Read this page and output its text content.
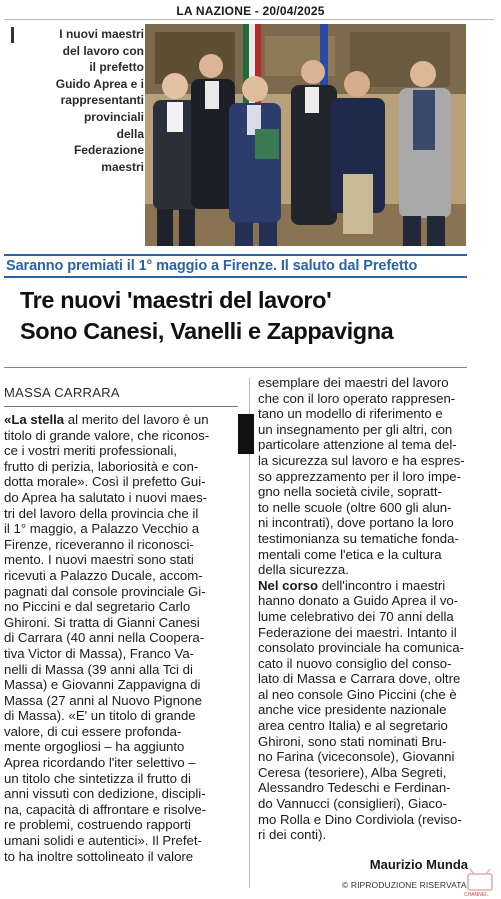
LA NAZIONE - 20/04/2025
I nuovi maestri
del lavoro con
il prefetto
Guido Aprea e i
rappresentanti
provinciali
della
Federazione
maestri
Saranno premiati il 1° maggio a Firenze. Il saluto dal Prefetto
Tre nuovi 'maestri del lavoro'
Sono Canesi, Vanelli e Zappavigna
MASSA CARRARA

«La stella al merito del lavoro è un

titolo di grande valore, che riconos-

ce i vostri meriti professionali,

frutto di perizia, laboriosità e con-

dotta morale». Così il prefetto Gui-

do Aprea ha salutato i nuovi maes-

tri del lavoro della provincia che il

il 1° maggio, a Palazzo Vecchio a

Firenze, riceveranno il riconosci-

mento. I nuovi maestri sono stati

ricevuti a Palazzo Ducale, accom-

pagnati dal console provinciale Gi-

no Piccini e dal segretario Carlo

Ghironi. Si tratta di Gianni Canesi

di Carrara (40 anni nella Coopera-

tiva Victor di Massa), Franco Va-

nelli di Massa (39 anni alla Tci di

Massa) e Giovanni Zappavigna di

Massa (27 anni al Nuovo Pignone

di Massa). «E' un titolo di grande

valore, di cui essere profonda-

mente orgogliosi – ha aggiunto

Aprea ricordando l'iter selettivo –

un titolo che sintetizza il frutto di

anni vissuti con dedizione, discipli-

na, capacità di affrontare e risolve-

re problemi, costruendo rapporti

umani solidi e autentici». Il Prefet-

to ha inoltre sottolineato il valore

esemplare dei maestri del lavoro

che con il loro operato rappresen-

tano un modello di riferimento e

un insegnamento per gli altri, con

particolare attenzione al tema del-

la sicurezza sul lavoro e ha espres-

so apprezzamento per il loro impe-

gno nella società civile, sopratt-

to nelle scuole (oltre 600 gli alun-

ni incontrati), dove portano la loro

testimonianza su tematiche fonda-

mentali come l'etica e la cultura

della sicurezza.

Nel corso dell'incontro i maestri

hanno donato a Guido Aprea il vo-

lume celebrativo dei 70 anni della

Federazione dei maestri. Intanto il

consolato provinciale ha comunica-

cato il nuovo consiglio del conso-

lato di Massa e Carrara dove, oltre

al neo console Gino Piccini (che è

anche vice presidente nazionale

area centro Italia) e al segretario

Ghironi, sono stati nominati Bru-

no Farina (viceconsole), Giovanni

Ceresa (tesoriere), Alba Segreti,

Alessandro Tedeschi e Ferdinan-

do Vannucci (consiglieri), Giaco-

mo Rolla e Dino Cordiviola (reviso-

ri dei conti).

Maurizio Munda
© RIPRODUZIONE RISERVATA
CHANNEL
